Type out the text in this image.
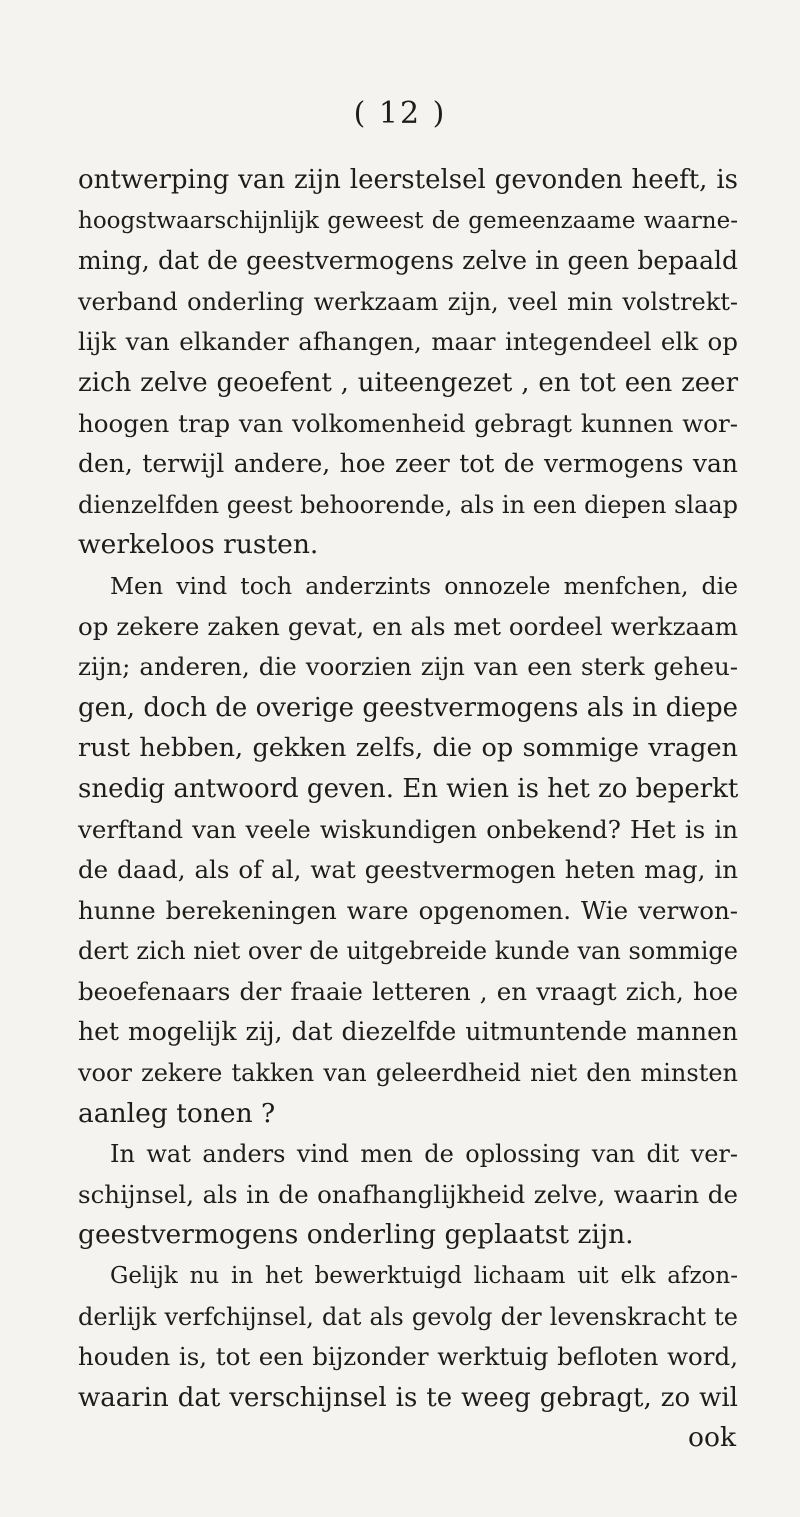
( 12 )
ontwerping van zijn leerstelsel gevonden heeft, is
hoogstwaarschijnlijk geweest de gemeenzaame waarne-
ming, dat de geestvermogens zelve in geen bepaald
verband onderling werkzaam zijn, veel min volstrekt-
lijk van elkander afhangen, maar integendeel elk op
zich zelve geoefent , uiteengezet , en tot een zeer
hoogen trap van volkomenheid gebragt kunnen wor-
den, terwijl andere, hoe zeer tot de vermogens van
dienzelfden geest behoorende, als in een diepen slaap
werkeloos rusten.
Men vind toch anderzints onnozele menfchen, die
op zekere zaken gevat, en als met oordeel werkzaam
zijn; anderen, die voorzien zijn van een sterk geheu-
gen, doch de overige geestvermogens als in diepe
rust hebben, gekken zelfs, die op sommige vragen
snedig antwoord geven. En wien is het zo beperkt
verftand van veele wiskundigen onbekend? Het is in
de daad, als of al, wat geestvermogen heten mag, in
hunne berekeningen ware opgenomen. Wie verwon-
dert zich niet over de uitgebreide kunde van sommige
beoefenaars der fraaie letteren , en vraagt zich, hoe
het mogelijk zij, dat diezelfde uitmuntende mannen
voor zekere takken van geleerdheid niet den minsten
aanleg tonen ?
In wat anders vind men de oplossing van dit ver-
schijnsel, als in de onafhanglijkheid zelve, waarin de
geestvermogens onderling geplaatst zijn.
Gelijk nu in het bewerktuigd lichaam uit elk afzon-
derlijk verfchijnsel, dat als gevolg der levenskracht te
houden is, tot een bijzonder werktuig befloten word,
waarin dat verschijnsel is te weeg gebragt, zo wil
ook
